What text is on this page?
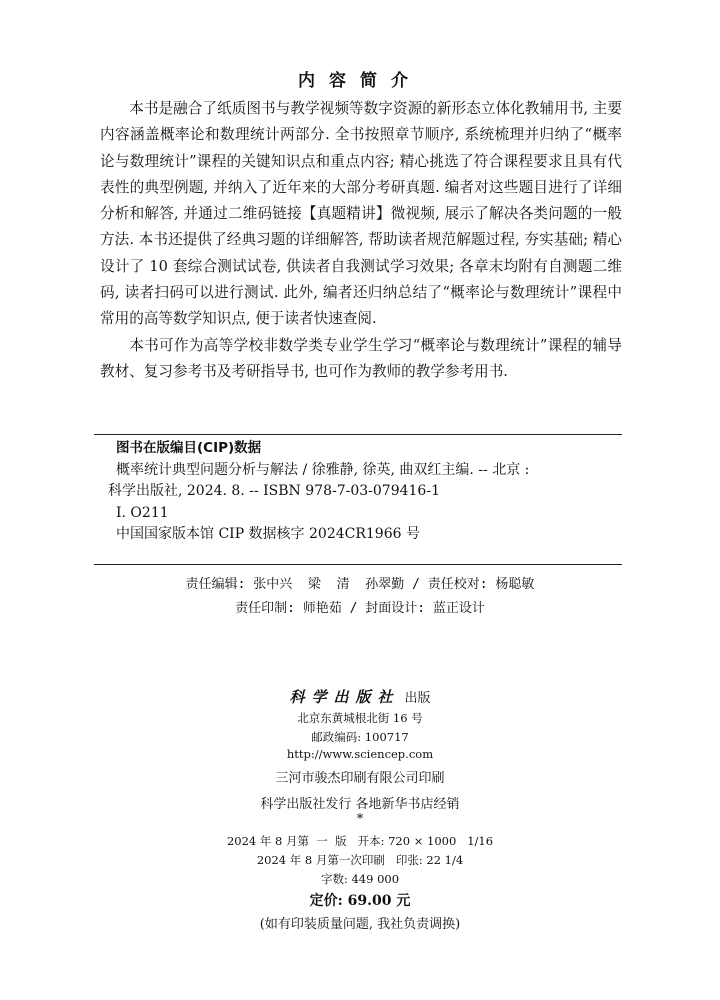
内容简介

本书是融合了纸质图书与教学视频等数字资源的新形态立体化教辅用书, 主要内容涵盖概率论和数理统计两部分. 全书按照章节顺序, 系统梳理并归纳了“概率论与数理统计”课程的关键知识点和重点内容; 精心挑选了符合课程要求且具有代表性的典型例题, 并纳入了近年来的大部分考研真题. 编者对这些题目进行了详细分析和解答, 并通过二维码链接【真题精讲】微视频, 展示了解决各类问题的一般方法. 本书还提供了经典习题的详细解答, 帮助读者规范解题过程, 夯实基础; 精心设计了 10 套综合测试试卷, 供读者自我测试学习效果; 各章末均附有自测题二维码, 读者扫码可以进行测试. 此外, 编者还归纳总结了“概率论与数理统计”课程中常用的高等数学知识点, 便于读者快速查阅.

本书可作为高等学校非数学类专业学生学习“概率论与数理统计”课程的辅导教材、复习参考书及考研指导书, 也可作为教师的教学参考用书.

图书在版编目(CIP)数据
概率统计典型问题分析与解法 / 徐雅静, 徐英, 曲双红主编. -- 北京 :
科学出版社, 2024. 8. -- ISBN 978-7-03-079416-1
Ⅰ. O211
中国国家版本馆 CIP 数据核字 2024CR1966 号
责任编辑: 张中兴  梁  清  孙翠勤 / 责任校对: 杨聪敏
责任印制: 师艳茹 / 封面设计: 蓝正设计
科学出版社 出版
北京东黄城根北街 16 号
邮政编码: 100717
http://www.sciencep.com
三河市骏杰印刷有限公司印刷
科学出版社发行 各地新华书店经销
*
2024 年 8 月第  一  版   开本: 720 × 1000   1/16
2024 年 8 月第一次印刷   印张: 22 1/4
字数: 449 000
定价: 69.00 元
(如有印装质量问题, 我社负责调换)
